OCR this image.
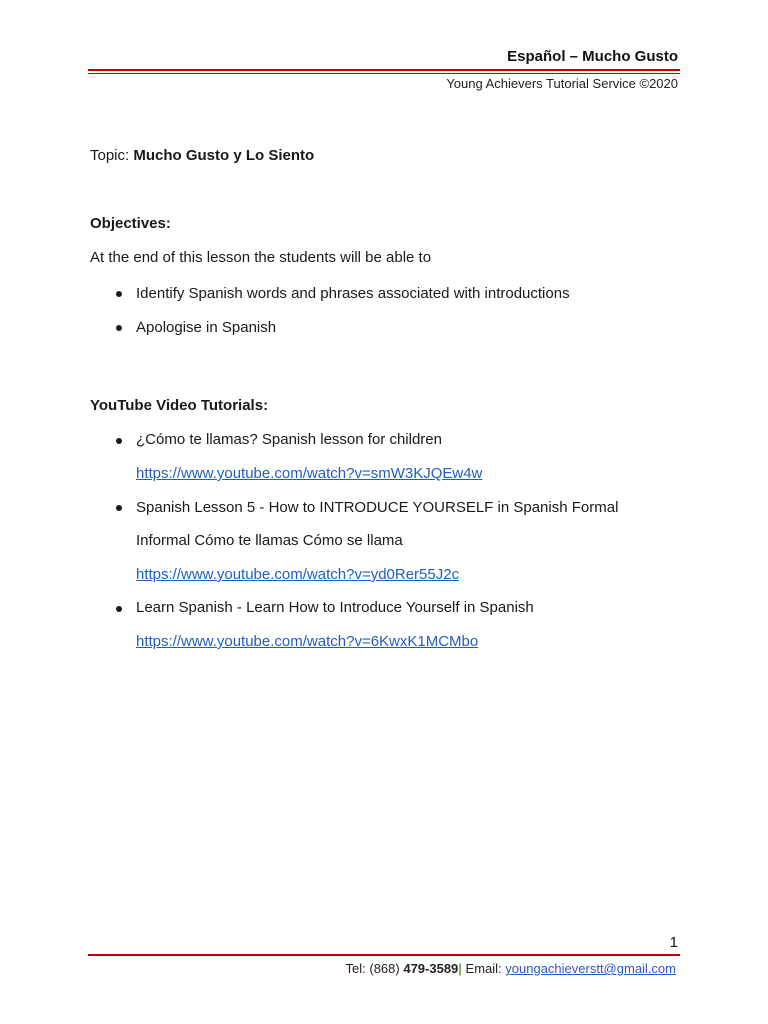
Español – Mucho Gusto
Young Achievers Tutorial Service ©2020
Topic: Mucho Gusto y Lo Siento
Objectives:
At the end of this lesson the students will be able to
Identify Spanish words and phrases associated with introductions
Apologise in Spanish
YouTube Video Tutorials:
¿Cómo te llamas? Spanish lesson for children
https://www.youtube.com/watch?v=smW3KJQEw4w
Spanish Lesson 5 - How to INTRODUCE YOURSELF in Spanish Formal
Informal Cómo te llamas Cómo se llama
https://www.youtube.com/watch?v=yd0Rer55J2c
Learn Spanish - Learn How to Introduce Yourself in Spanish
https://www.youtube.com/watch?v=6KwxK1MCMbo
1
Tel: (868) 479-3589| Email: youngachieverstt@gmail.com
